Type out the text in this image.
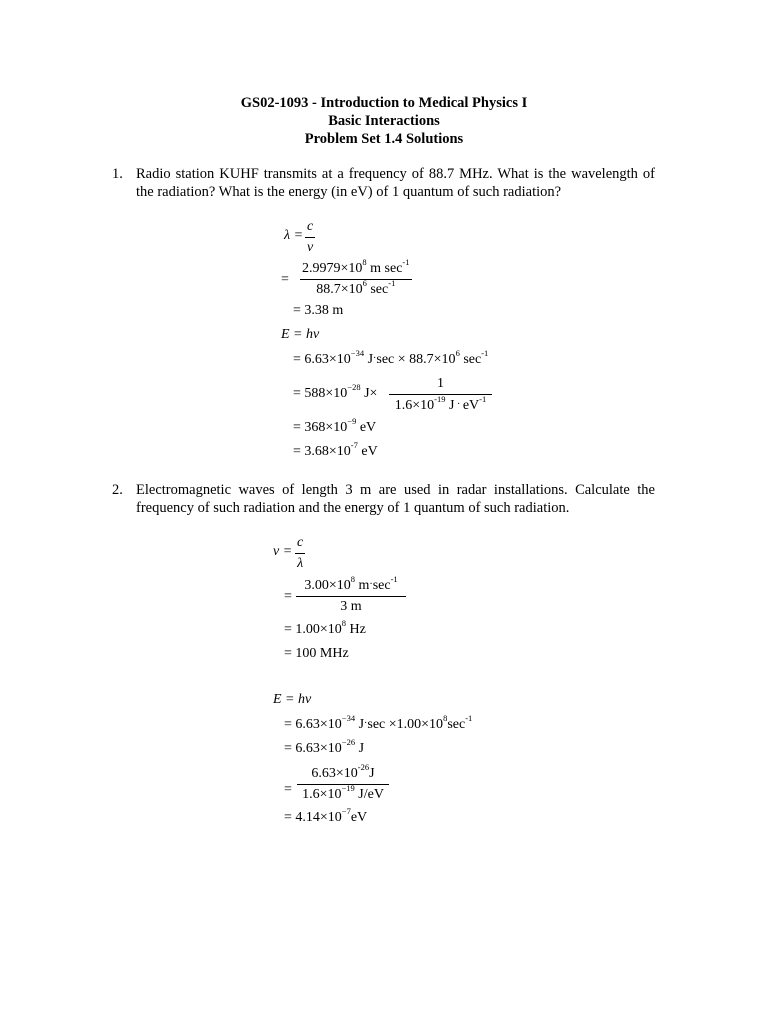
GS02-1093 - Introduction to Medical Physics I
Basic Interactions
Problem Set 1.4 Solutions
1. Radio station KUHF transmits at a frequency of 88.7 MHz. What is the wavelength of the radiation? What is the energy (in eV) of 1 quantum of such radiation?
λ =
c
ν
=
$2.9979\times 10^8$ m $\sec^{-1}$
$88.7\times 10^6$ $\sec^{-1}$
= 3.38 m
E = hν
= $6.63\times 10^{-34}$ $J\cdot\sec \times 88.7\times 10^6$ $\sec^{-1}$
= $588\times 10^{-28}$ J×
1
$1.6\times 10^{-19}$ $J \cdot eV^{-1}$
= $368\times 10^{-9}$ eV
= $3.68\times 10^{-7}$ eV
2. Electromagnetic waves of length 3 m are used in radar installations. Calculate the frequency of such radiation and the energy of 1 quantum of such radiation.
ν =
c
λ
=
$3.00\times 10^8$ $m\cdot\sec^{-1}$
3 m
= $1.00\times 10^8$ Hz
= 100 MHz
E = hν
= $6.63\times 10^{-34}$ $J\cdot\sec \times 1.00\times 10^8\sec^{-1}$
= $6.63\times 10^{-26}$ J
=
$6.63\times 10^{-26}J$
$1.6\times 10^{-19}$ J/eV
= $4.14\times 10^{-7}eV$
